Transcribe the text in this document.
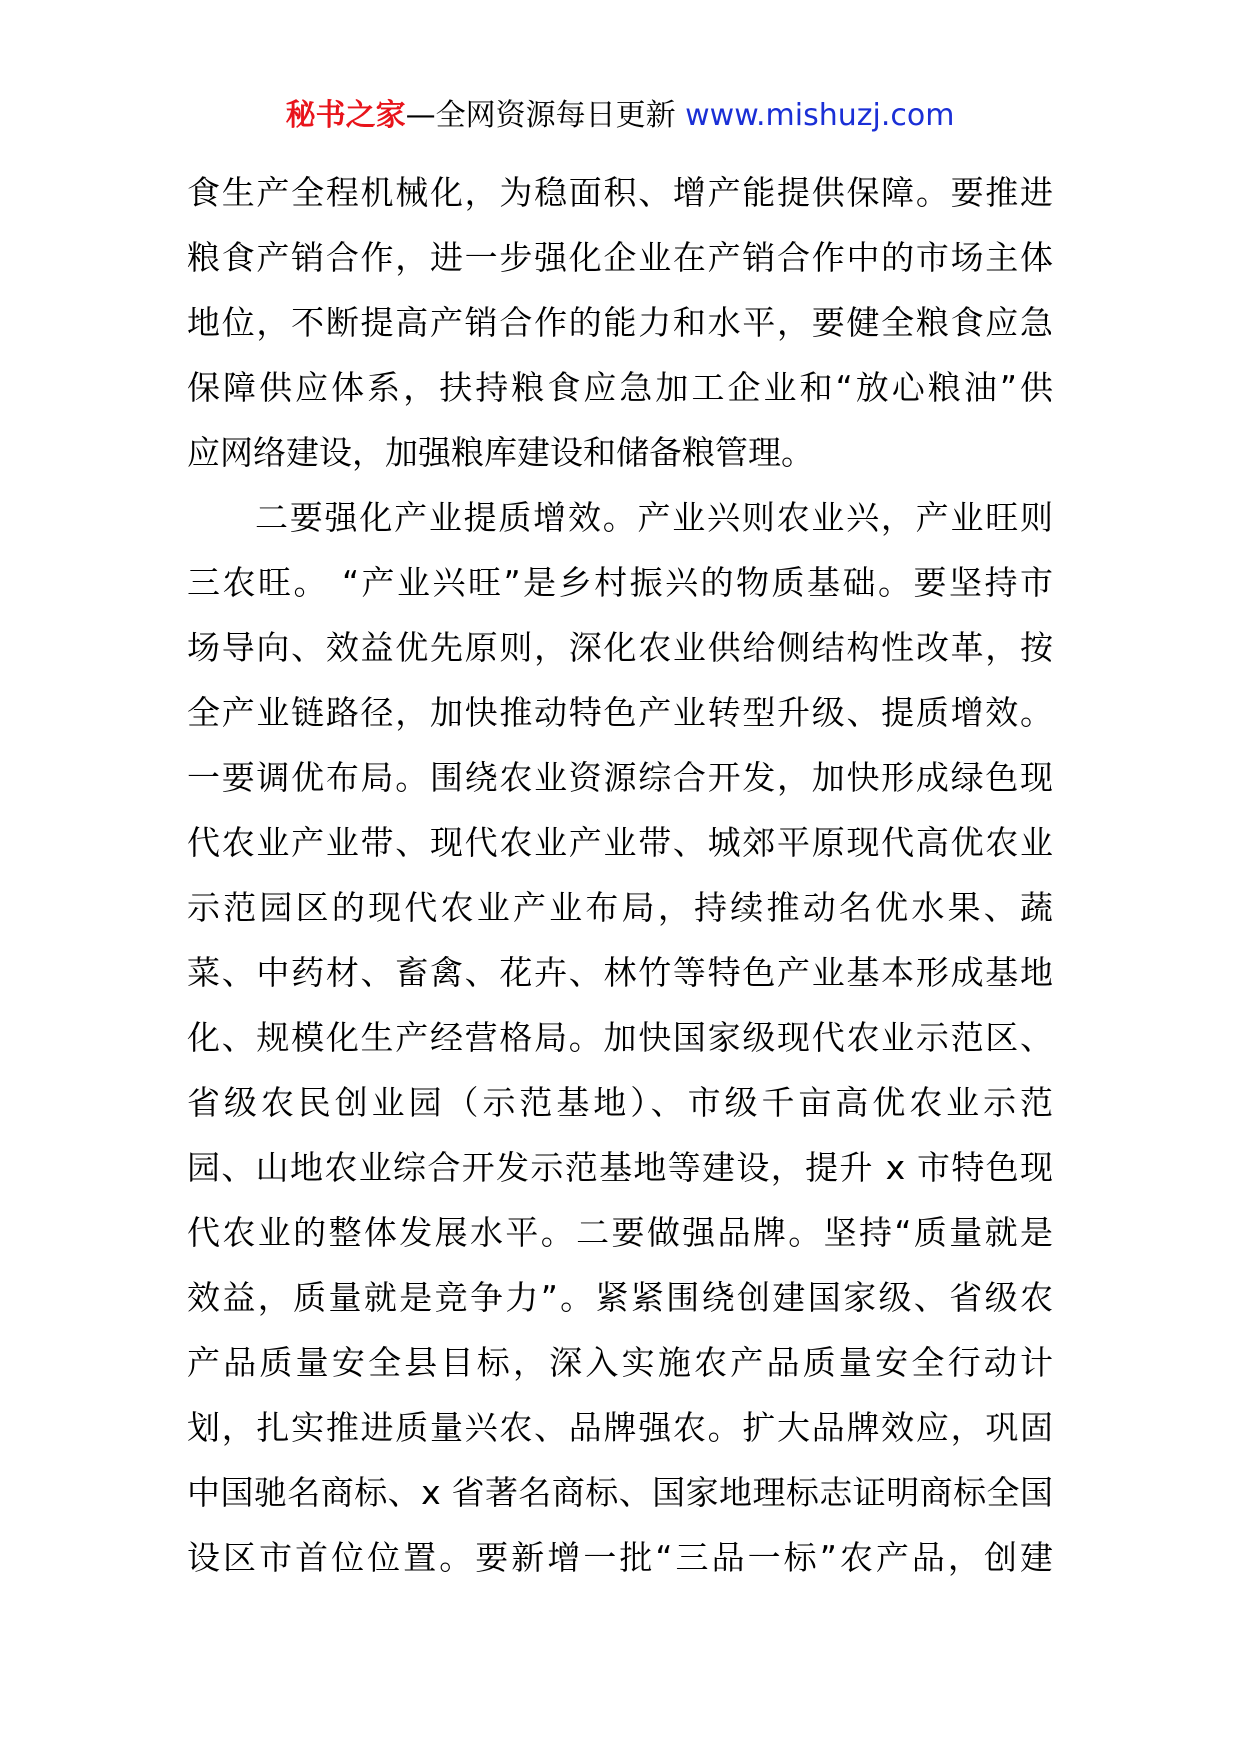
秘书之家—全网资源每日更新 www.mishuzj.com
食生产全程机械化，为稳面积、增产能提供保障。要推进
粮食产销合作，进一步强化企业在产销合作中的市场主体
地位，不断提高产销合作的能力和水平，要健全粮食应急
保障供应体系，扶持粮食应急加工企业和“放心粮油”供
应网络建设，加强粮库建设和储备粮管理。
二要强化产业提质增效。产业兴则农业兴，产业旺则
三农旺。 “产业兴旺”是乡村振兴的物质基础。要坚持市
场导向、效益优先原则，深化农业供给侧结构性改革，按
全产业链路径，加快推动特色产业转型升级、提质增效。
一要调优布局。围绕农业资源综合开发，加快形成绿色现
代农业产业带、现代农业产业带、城郊平原现代高优农业
示范园区的现代农业产业布局，持续推动名优水果、蔬
菜、中药材、畜禽、花卉、林竹等特色产业基本形成基地
化、规模化生产经营格局。加快国家级现代农业示范区、
省级农民创业园（示范基地）、市级千亩高优农业示范
园、山地农业综合开发示范基地等建设，提升 x 市特色现
代农业的整体发展水平。二要做强品牌。坚持“质量就是
效益，质量就是竞争力”。紧紧围绕创建国家级、省级农
产品质量安全县目标，深入实施农产品质量安全行动计
划，扎实推进质量兴农、品牌强农。扩大品牌效应，巩固
中国驰名商标、x 省著名商标、国家地理标志证明商标全国
设区市首位位置。要新增一批“三品一标”农产品，创建
